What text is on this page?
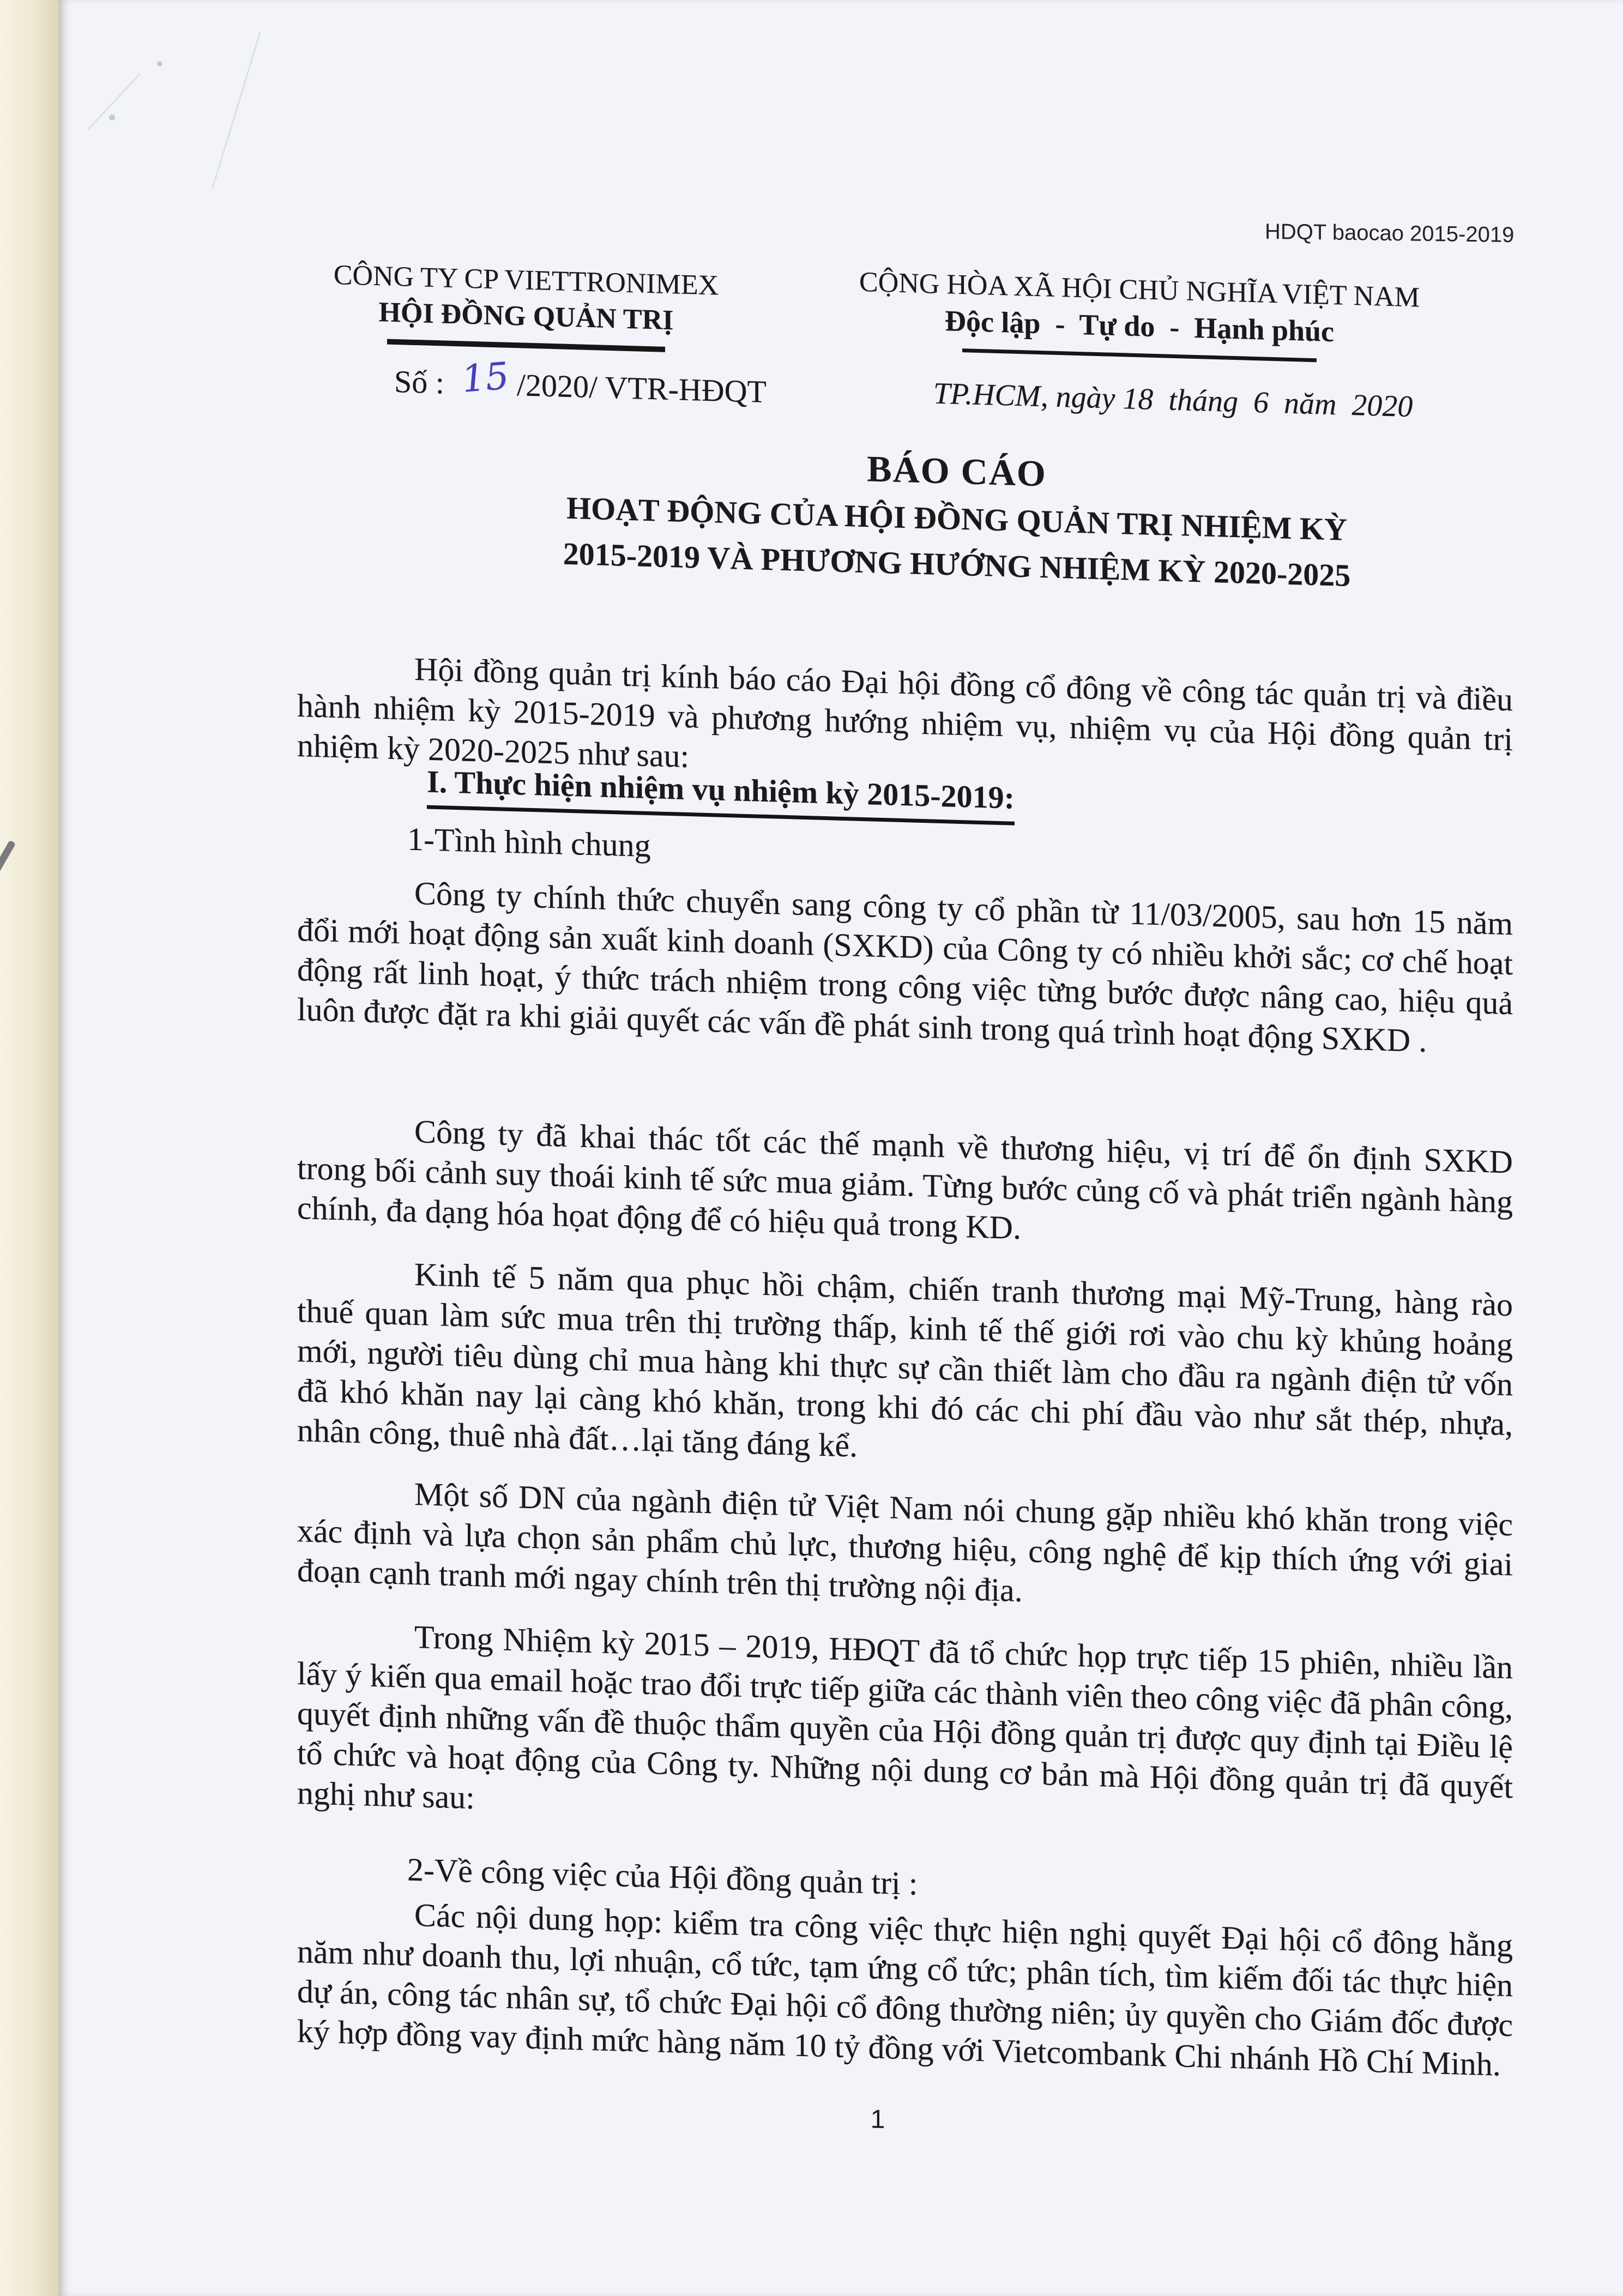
HDQT baocao 2015-2019
CÔNG TY CP VIETTRONIMEX
HỘI ĐỒNG QUẢN TRỊ
CỘNG HÒA XÃ HỘI CHỦ NGHĨA VIỆT NAM
Độc lập  -  Tự do  -  Hạnh phúc
Số : 15 /2020/ VTR-HĐQT	TP.HCM, ngày 18  tháng  6  năm  2020
BÁO CÁO
HOẠT ĐỘNG CỦA HỘI ĐỒNG QUẢN TRỊ NHIỆM KỲ
2015-2019 VÀ PHƯƠNG HƯỚNG NHIỆM KỲ 2020-2025
Hội đồng quản trị kính báo cáo Đại hội đồng cổ đông về công tác quản trị và điều hành nhiệm kỳ 2015-2019 và phương hướng nhiệm vụ, nhiệm vụ của Hội đồng quản trị nhiệm kỳ 2020-2025 như sau:
I. Thực hiện nhiệm vụ nhiệm kỳ 2015-2019:
1-Tình hình chung
Công ty chính thức chuyển sang công ty cổ phần từ 11/03/2005, sau hơn 15 năm đổi mới hoạt động sản xuất kinh doanh (SXKD) của Công ty có nhiều khởi sắc; cơ chế hoạt động rất linh hoạt, ý thức trách nhiệm trong công việc từng bước được nâng cao, hiệu quả luôn được đặt ra khi giải quyết các vấn đề phát sinh trong quá trình hoạt động SXKD .
Công ty đã khai thác tốt các thế mạnh về thương hiệu, vị trí để ổn định SXKD trong bối cảnh suy thoái kinh tế sức mua giảm. Từng bước củng cố và phát triển ngành hàng chính, đa dạng hóa họat động để có hiệu quả trong KD.
Kinh tế 5 năm qua phục hồi chậm, chiến tranh thương mại Mỹ-Trung, hàng rào thuế quan làm sức mua trên thị trường thấp, kinh tế thế giới rơi vào chu kỳ khủng hoảng mới, người tiêu dùng chỉ mua hàng khi thực sự cần thiết làm cho đầu ra ngành điện tử vốn đã khó khăn nay lại càng khó khăn, trong khi đó các chi phí đầu vào như sắt thép, nhựa, nhân công, thuê nhà đất…lại tăng đáng kể.
Một số DN của ngành điện tử Việt Nam nói chung gặp nhiều khó khăn trong việc xác định và lựa chọn sản phẩm chủ lực, thương hiệu, công nghệ để kịp thích ứng với giai đoạn cạnh tranh mới ngay chính trên thị trường nội địa.
Trong Nhiệm kỳ 2015 – 2019, HĐQT đã tổ chức họp trực tiếp 15 phiên, nhiều lần lấy ý kiến qua email hoặc trao đổi trực tiếp giữa các thành viên theo công việc đã phân công, quyết định những vấn đề thuộc thẩm quyền của Hội đồng quản trị được quy định tại Điều lệ tổ chức và hoạt động của Công ty. Những nội dung cơ bản mà Hội đồng quản trị đã quyết nghị như sau:
2-Về công việc của Hội đồng quản trị :
Các nội dung họp: kiểm tra công việc thực hiện nghị quyết Đại hội cổ đông hằng năm như doanh thu, lợi nhuận, cổ tức, tạm ứng cổ tức; phân tích, tìm kiếm đối tác thực hiện dự án, công tác nhân sự, tổ chức Đại hội cổ đông thường niên; ủy quyền cho Giám đốc được ký hợp đồng vay định mức hàng năm 10 tỷ đồng với Vietcombank Chi nhánh Hồ Chí Minh.
1
